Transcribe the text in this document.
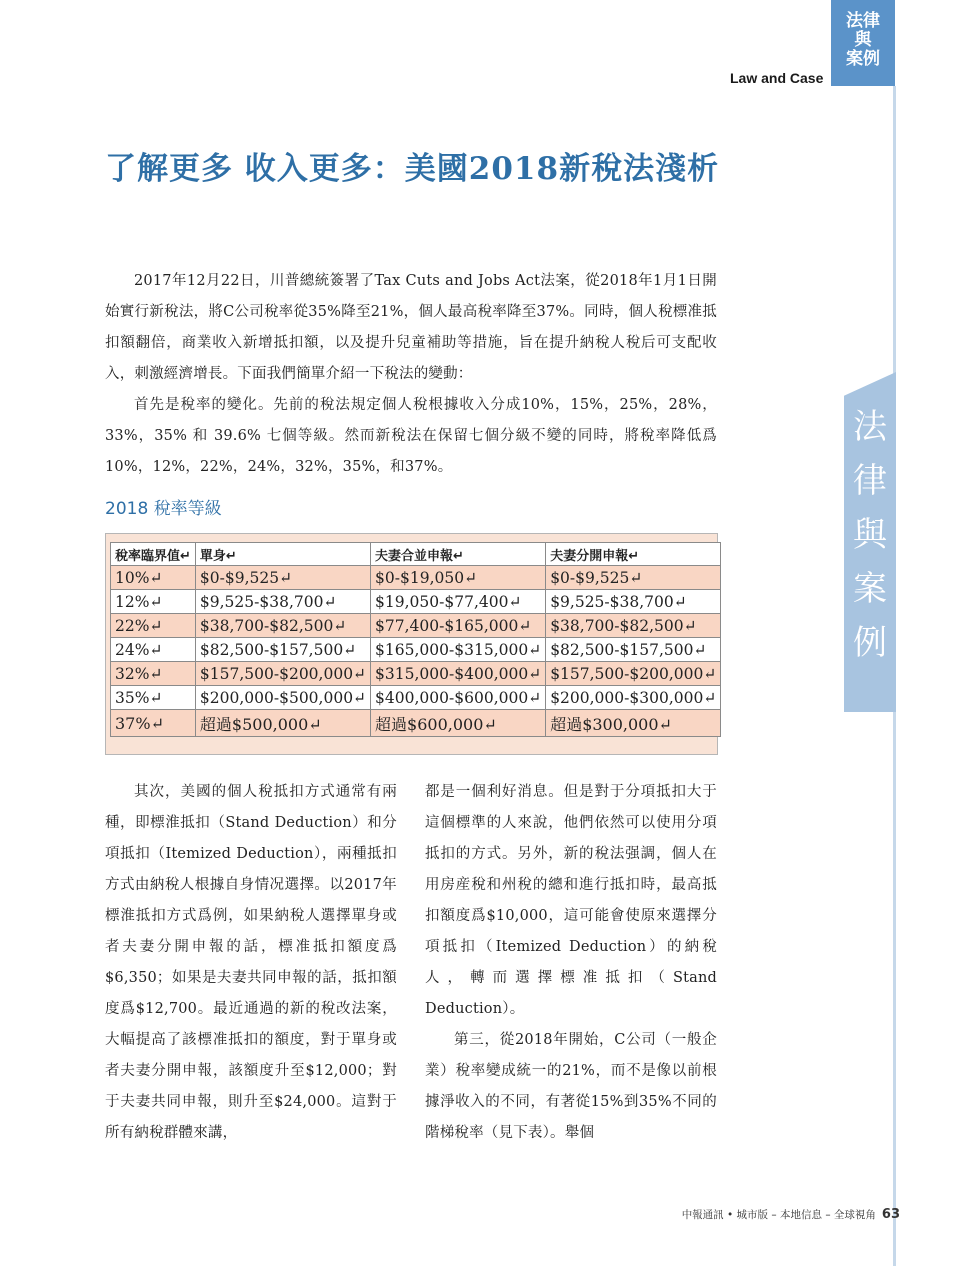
法律
與
案例
Law and Case
法
律
與
案
例
了解更多 收入更多：美國2018新稅法淺析

2017年12月22日，川普總統簽署了Tax Cuts and Jobs Act法案，從2018年1月1日開始實行新稅法，將C公司稅率從35%降至21%，個人最高稅率降至37%。同時，個人稅標准抵扣額翻倍，商業收入新增抵扣額，以及提升兒童補助等措施，旨在提升納稅人稅后可支配收入，刺激經濟增長。下面我們簡單介紹一下稅法的變動：

首先是稅率的變化。先前的稅法規定個人稅根據收入分成10%，15%，25%，28%，33%，35% 和 39.6% 七個等級。然而新稅法在保留七個分級不變的同時，將稅率降低爲10%，12%，22%，24%，32%，35%，和37%。

2018 稅率等級
稅率臨界值↵	單身↵	夫妻合並申報↵	夫妻分開申報↵
10%↵	$0-$9,525↵	$0-$19,050↵	$0-$9,525↵
12%↵	$9,525-$38,700↵	$19,050-$77,400↵	$9,525-$38,700↵
22%↵	$38,700-$82,500↵	$77,400-$165,000↵	$38,700-$82,500↵
24%↵	$82,500-$157,500↵	$165,000-$315,000↵	$82,500-$157,500↵
32%↵	$157,500-$200,000↵	$315,000-$400,000↵	$157,500-$200,000↵
35%↵	$200,000-$500,000↵	$400,000-$600,000↵	$200,000-$300,000↵
37%↵	超過$500,000↵	超過$600,000↵	超過$300,000↵

其次，美國的個人稅抵扣方式通常有兩種，即標淮抵扣（Stand Deduction）和分項抵扣（Itemized Deduction），兩種抵扣方式由納稅人根據自身情况選擇。以2017年標淮抵扣方式爲例，如果納稅人選擇單身或者夫妻分開申報的話，標准抵扣額度爲$6,350；如果是夫妻共同申報的話，抵扣額度爲$12,700。最近通過的新的稅改法案，大幅提高了該標准抵扣的額度，對于單身或者夫妻分開申報，該額度升至$12,000；對于夫妻共同申報，則升至$24,000。這對于所有納稅群體來講，

都是一個利好消息。但是對于分項抵扣大于這個標準的人來說，他們依然可以使用分項抵扣的方式。另外，新的稅法强調，個人在用房産稅和州稅的總和進行抵扣時，最高抵扣額度爲$10,000，這可能會使原來選擇分項抵扣（Itemized Deduction）的納稅人，轉而選擇標准抵扣（Stand Deduction）。

第三，從2018年開始，C公司（一般企業）稅率變成統一的21%，而不是像以前根據淨收入的不同，有著從15%到35%不同的階梯稅率（見下表）。舉個

中報通訊 • 城市版 – 本地信息 – 全球視角 63
